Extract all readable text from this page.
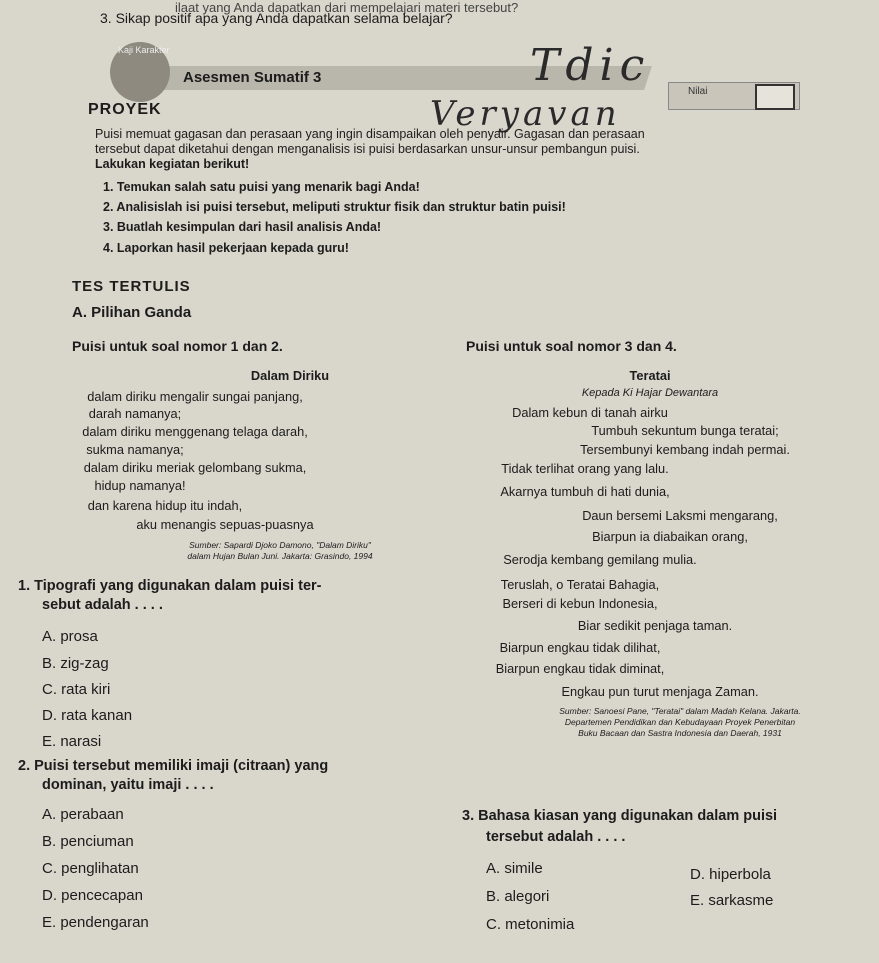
ilaat yang Anda dapatkan dari mempelajari materi tersebut?
3. Sikap positif apa yang Anda dapatkan selama belajar?
Kaji Karakter
Asesmen Sumatif 3
Nilai
Tdic
Veryavan
PROYEK
Puisi memuat gagasan dan perasaan yang ingin disampaikan oleh penyair. Gagasan dan perasaan
tersebut dapat diketahui dengan menganalisis isi puisi berdasarkan unsur-unsur pembangun puisi.
Lakukan kegiatan berikut!
1. Temukan salah satu puisi yang menarik bagi Anda!
2. Analisislah isi puisi tersebut, meliputi struktur fisik dan struktur batin puisi!
3. Buatlah kesimpulan dari hasil analisis Anda!
4. Laporkan hasil pekerjaan kepada guru!
TES TERTULIS
A. Pilihan Ganda
Puisi untuk soal nomor 1 dan 2.	Puisi untuk soal nomor 3 dan 4.
Dalam Diriku
dalam diriku mengalir sungai panjang,
darah namanya;
dalam diriku menggenang telaga darah,
sukma namanya;
dalam diriku meriak gelombang sukma,
hidup namanya!
dan karena hidup itu indah,
aku menangis sepuas-puasnya
Sumber: Sapardi Djoko Damono, "Dalam Diriku"
dalam Hujan Bulan Juni. Jakarta: Grasindo, 1994
Teratai
Kepada Ki Hajar Dewantara
Dalam kebun di tanah airku
Tumbuh sekuntum bunga teratai;
Tersembunyi kembang indah permai.
Tidak terlihat orang yang lalu.
Akarnya tumbuh di hati dunia,
Daun bersemi Laksmi mengarang,
Biarpun ia diabaikan orang,
Serodja kembang gemilang mulia.
Teruslah, o Teratai Bahagia,
Berseri di kebun Indonesia,
Biar sedikit penjaga taman.
Biarpun engkau tidak dilihat,
Biarpun engkau tidak diminat,
Engkau pun turut menjaga Zaman.
Sumber: Sanoesi Pane, "Teratai" dalam Madah Kelana. Jakarta.
Departemen Pendidikan dan Kebudayaan Proyek Penerbitan
Buku Bacaan dan Sastra Indonesia dan Daerah, 1931
1. Tipografi yang digunakan dalam puisi ter-
sebut adalah . . . .
A. prosa
B. zig-zag
C. rata kiri
D. rata kanan
E. narasi
2. Puisi tersebut memiliki imaji (citraan) yang
dominan, yaitu imaji . . . .
A. perabaan
B. penciuman
C. penglihatan
D. pencecapan
E. pendengaran
3. Bahasa kiasan yang digunakan dalam puisi
tersebut adalah . . . .
A. simile
B. alegori
C. metonimia
D. hiperbola
E. sarkasme
